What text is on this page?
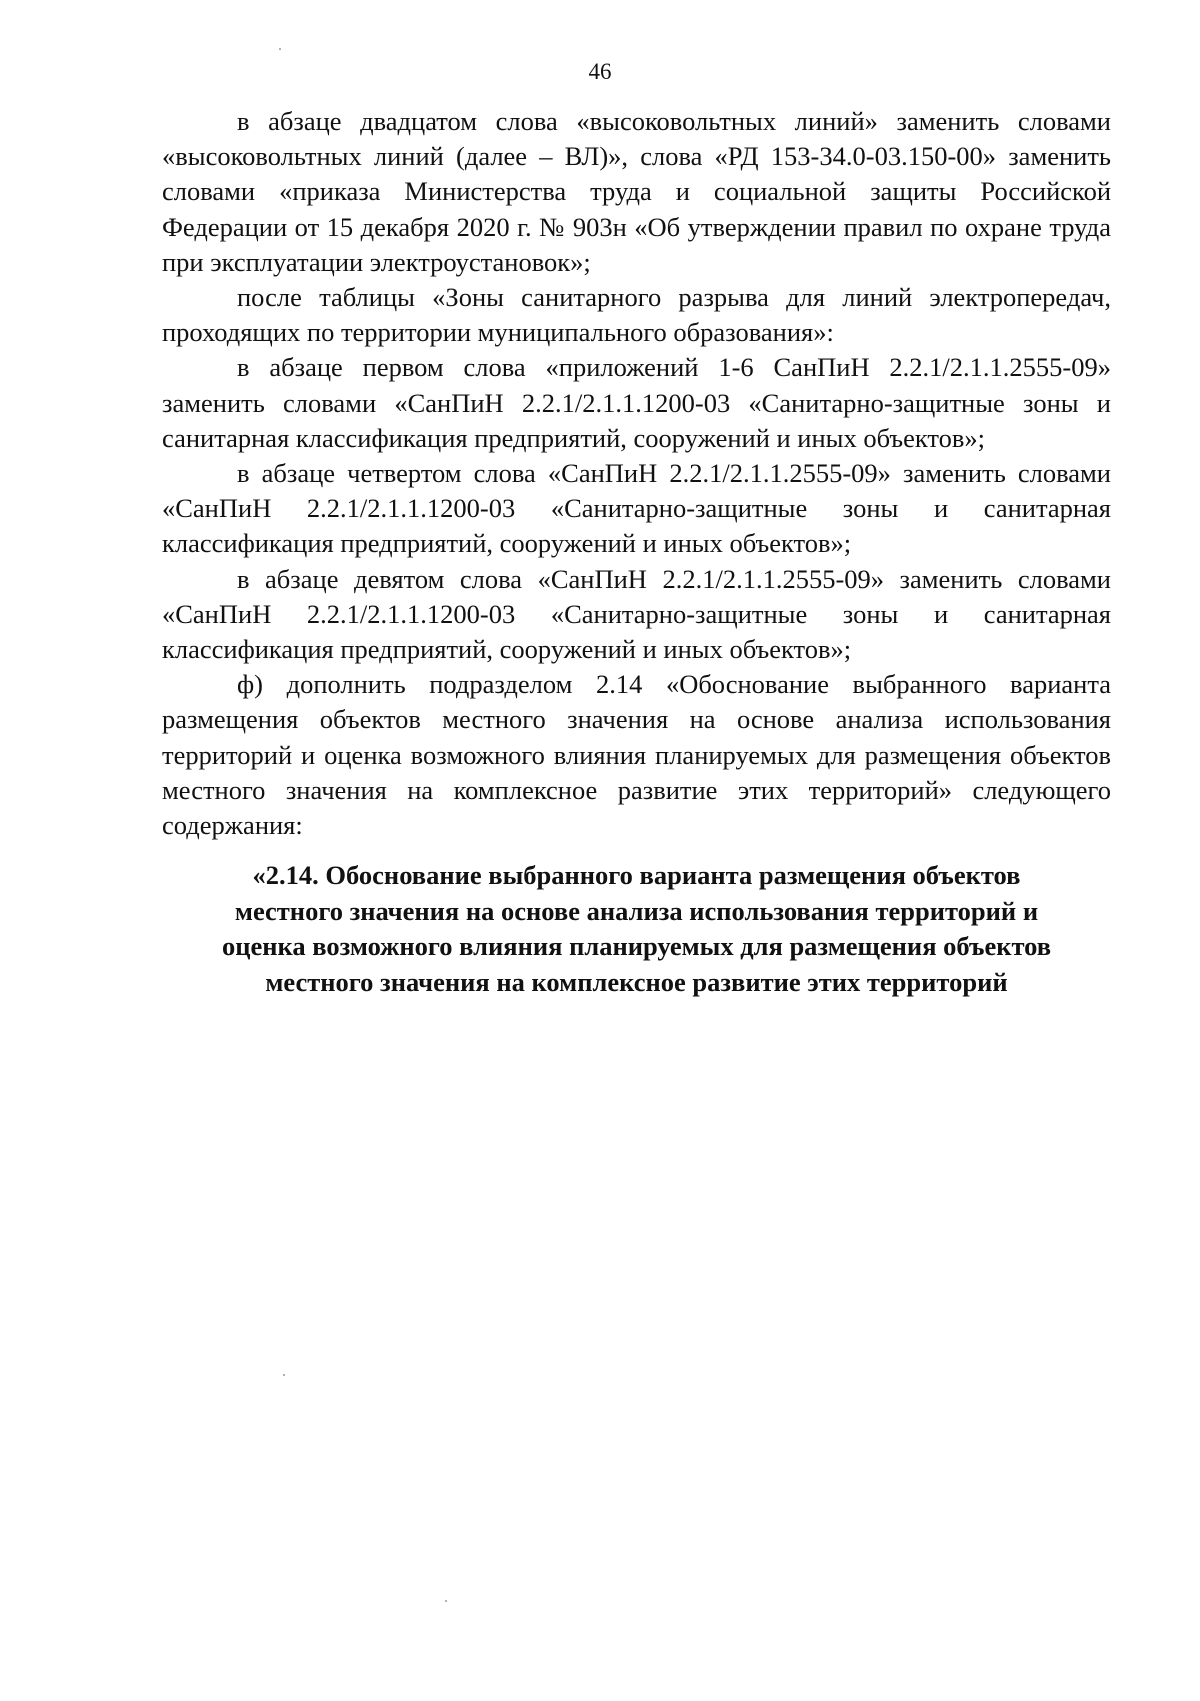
46

в абзаце двадцатом слова «высоковольтных линий» заменить словами «высоковольтных линий (далее – ВЛ)», слова «РД 153-34.0-03.150-00» заменить словами «приказа Министерства труда и социальной защиты Российской Федерации от 15 декабря 2020 г. № 903н «Об утверждении правил по охране труда при эксплуатации электроустановок»;

после таблицы «Зоны санитарного разрыва для линий электропередач, проходящих по территории муниципального образования»:

в абзаце первом слова «приложений 1-6 СанПиН 2.2.1/2.1.1.2555-09» заменить словами «СанПиН 2.2.1/2.1.1.1200-03 «Санитарно-защитные зоны и санитарная классификация предприятий, сооружений и иных объектов»;

в абзаце четвертом слова «СанПиН 2.2.1/2.1.1.2555-09» заменить словами «СанПиН 2.2.1/2.1.1.1200-03 «Санитарно-защитные зоны и санитарная классификация предприятий, сооружений и иных объектов»;

в абзаце девятом слова «СанПиН 2.2.1/2.1.1.2555-09» заменить словами «СанПиН 2.2.1/2.1.1.1200-03 «Санитарно-защитные зоны и санитарная классификация предприятий, сооружений и иных объектов»;

ф) дополнить подразделом 2.14 «Обоснование выбранного варианта размещения объектов местного значения на основе анализа использования территорий и оценка возможного влияния планируемых для размещения объектов местного значения на комплексное развитие этих территорий» следующего содержания:

«2.14. Обоснование выбранного варианта размещения объектов
местного значения на основе анализа использования территорий и
оценка возможного влияния планируемых для размещения объектов
местного значения на комплексное развитие этих территорий
